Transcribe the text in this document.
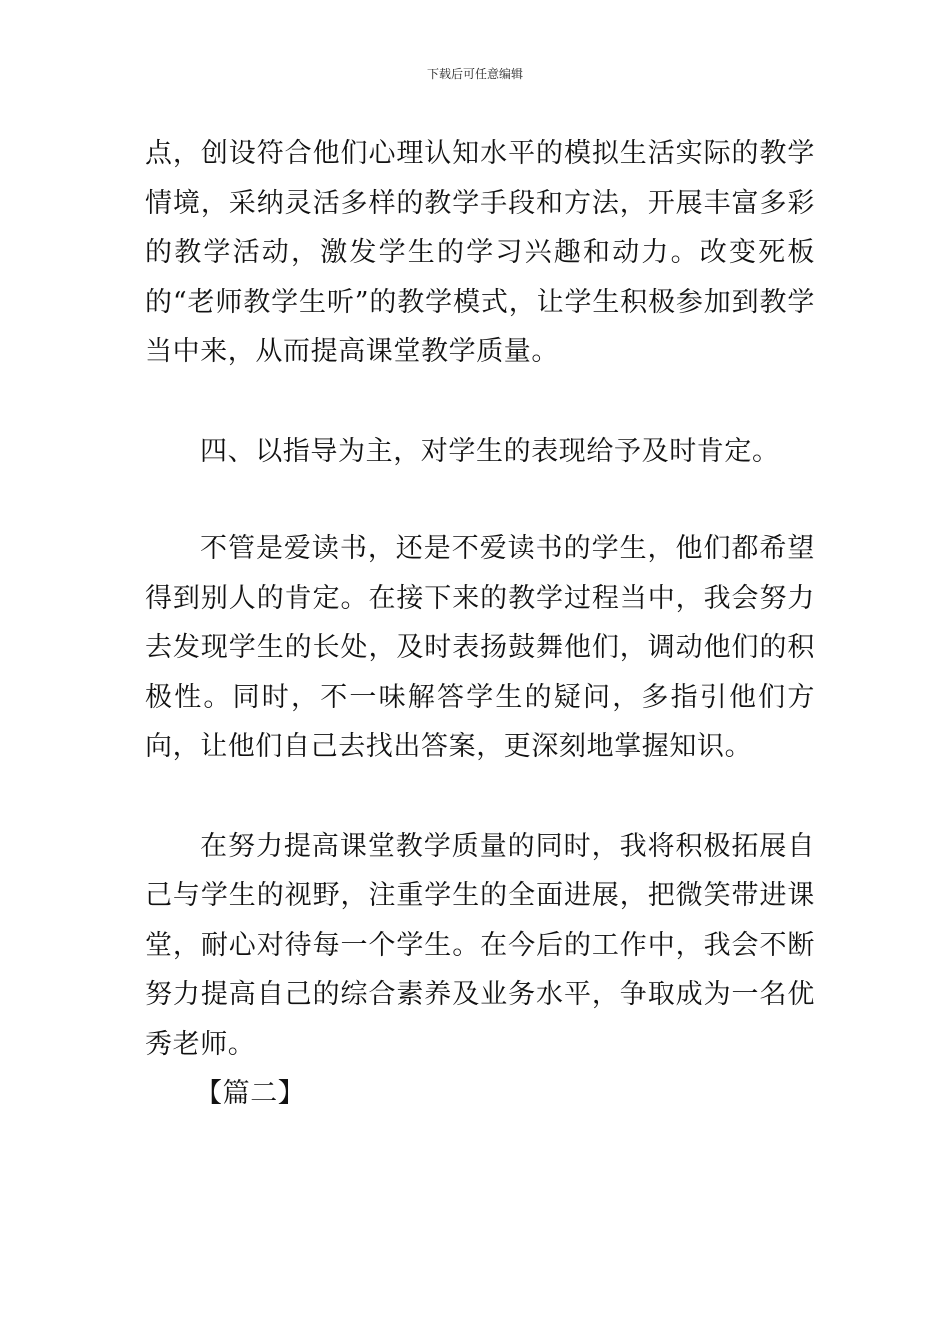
下载后可任意编辑

点，创设符合他们心理认知水平的模拟生活实际的教学情境，采纳灵活多样的教学手段和方法，开展丰富多彩的教学活动，激发学生的学习兴趣和动力。改变死板的“老师教学生听”的教学模式，让学生积极参加到教学当中来，从而提高课堂教学质量。

四、以指导为主，对学生的表现给予及时肯定。

不管是爱读书，还是不爱读书的学生，他们都希望得到别人的肯定。在接下来的教学过程当中，我会努力去发现学生的长处，及时表扬鼓舞他们，调动他们的积极性。同时，不一味解答学生的疑问，多指引他们方向，让他们自己去找出答案，更深刻地掌握知识。

在努力提高课堂教学质量的同时，我将积极拓展自己与学生的视野，注重学生的全面进展，把微笑带进课堂，耐心对待每一个学生。在今后的工作中，我会不断努力提高自己的综合素养及业务水平，争取成为一名优秀老师。

【篇二】
